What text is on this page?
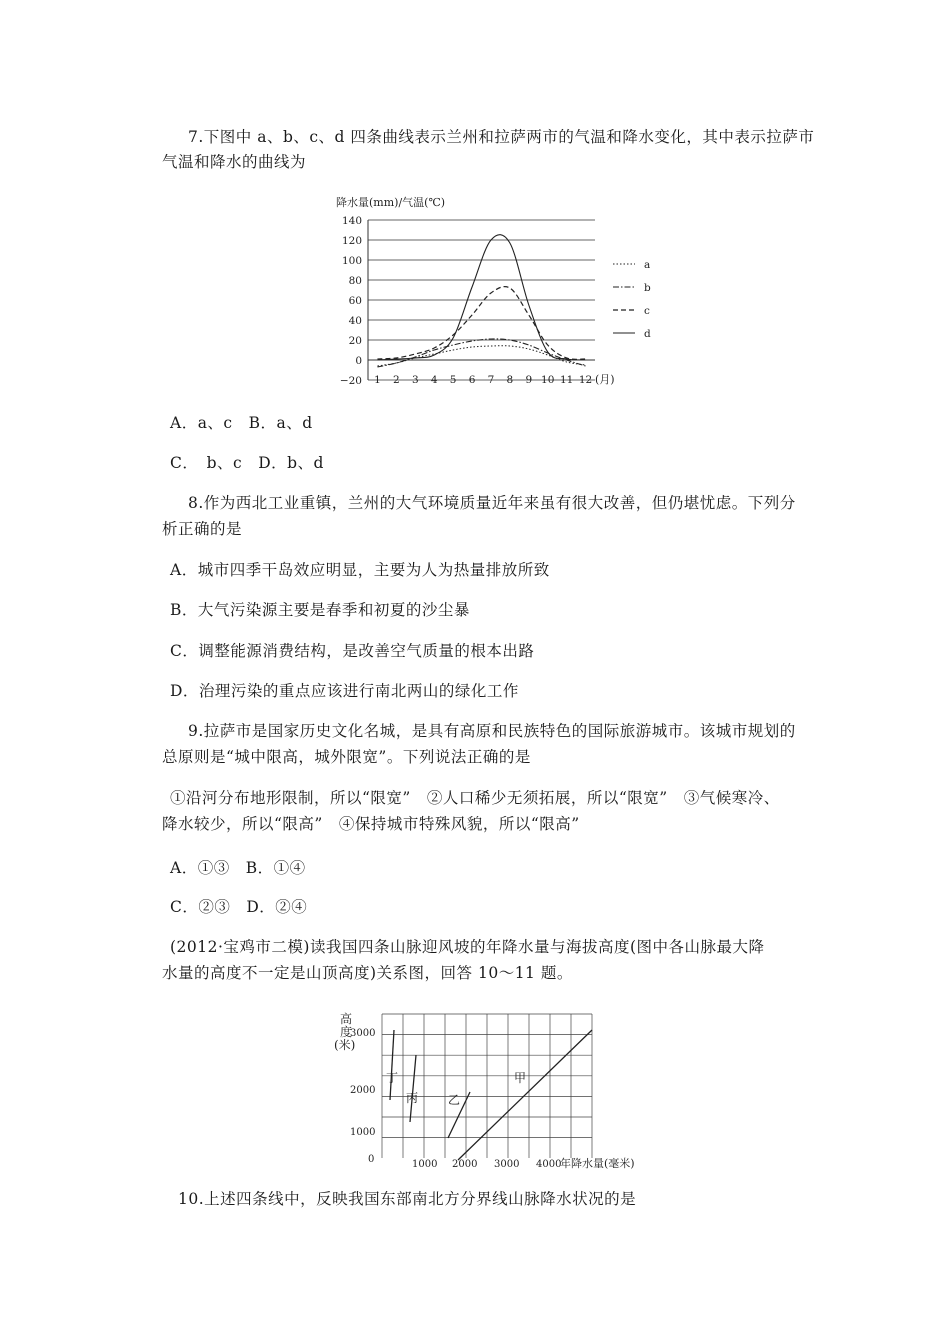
7.下图中 a、b、c、d 四条曲线表示兰州和拉萨两市的气温和降水变化，其中表示拉萨市
气温和降水的曲线为
降水量(mm)/气温(℃)
140
120
100
80
60
40
20
0
−20 1 2 3 4 5 6 7 8 9 10 11 12 (月)
a
b
c
d
A．a、c　B．a、d
C．　b、c　D．b、d
8.作为西北工业重镇，兰州的大气环境质量近年来虽有很大改善，但仍堪忧虑。下列分
析正确的是
A．城市四季干岛效应明显，主要为人为热量排放所致
B．大气污染源主要是春季和初夏的沙尘暴
C．调整能源消费结构，是改善空气质量的根本出路
D．治理污染的重点应该进行南北两山的绿化工作
9.拉萨市是国家历史文化名城，是具有高原和民族特色的国际旅游城市。该城市规划的
总原则是“城中限高，城外限宽”。下列说法正确的是
①沿河分布地形限制，所以“限宽”　②人口稀少无须拓展，所以“限宽”　③气候寒冷、
降水较少，所以“限高”　④保持城市特殊风貌，所以“限高”
A．①③　B．①④
C．②③　D．②④
(2012·宝鸡市二模)读我国四条山脉迎风坡的年降水量与海拔高度(图中各山脉最大降
水量的高度不一定是山顶高度)关系图，回答 10～11 题。
高
度
(米)
3000
2000
1000
0	1000 2000 3000 4000
年降水量(毫米)
丁
丙 乙
甲
10.上述四条线中，反映我国东部南北方分界线山脉降水状况的是
